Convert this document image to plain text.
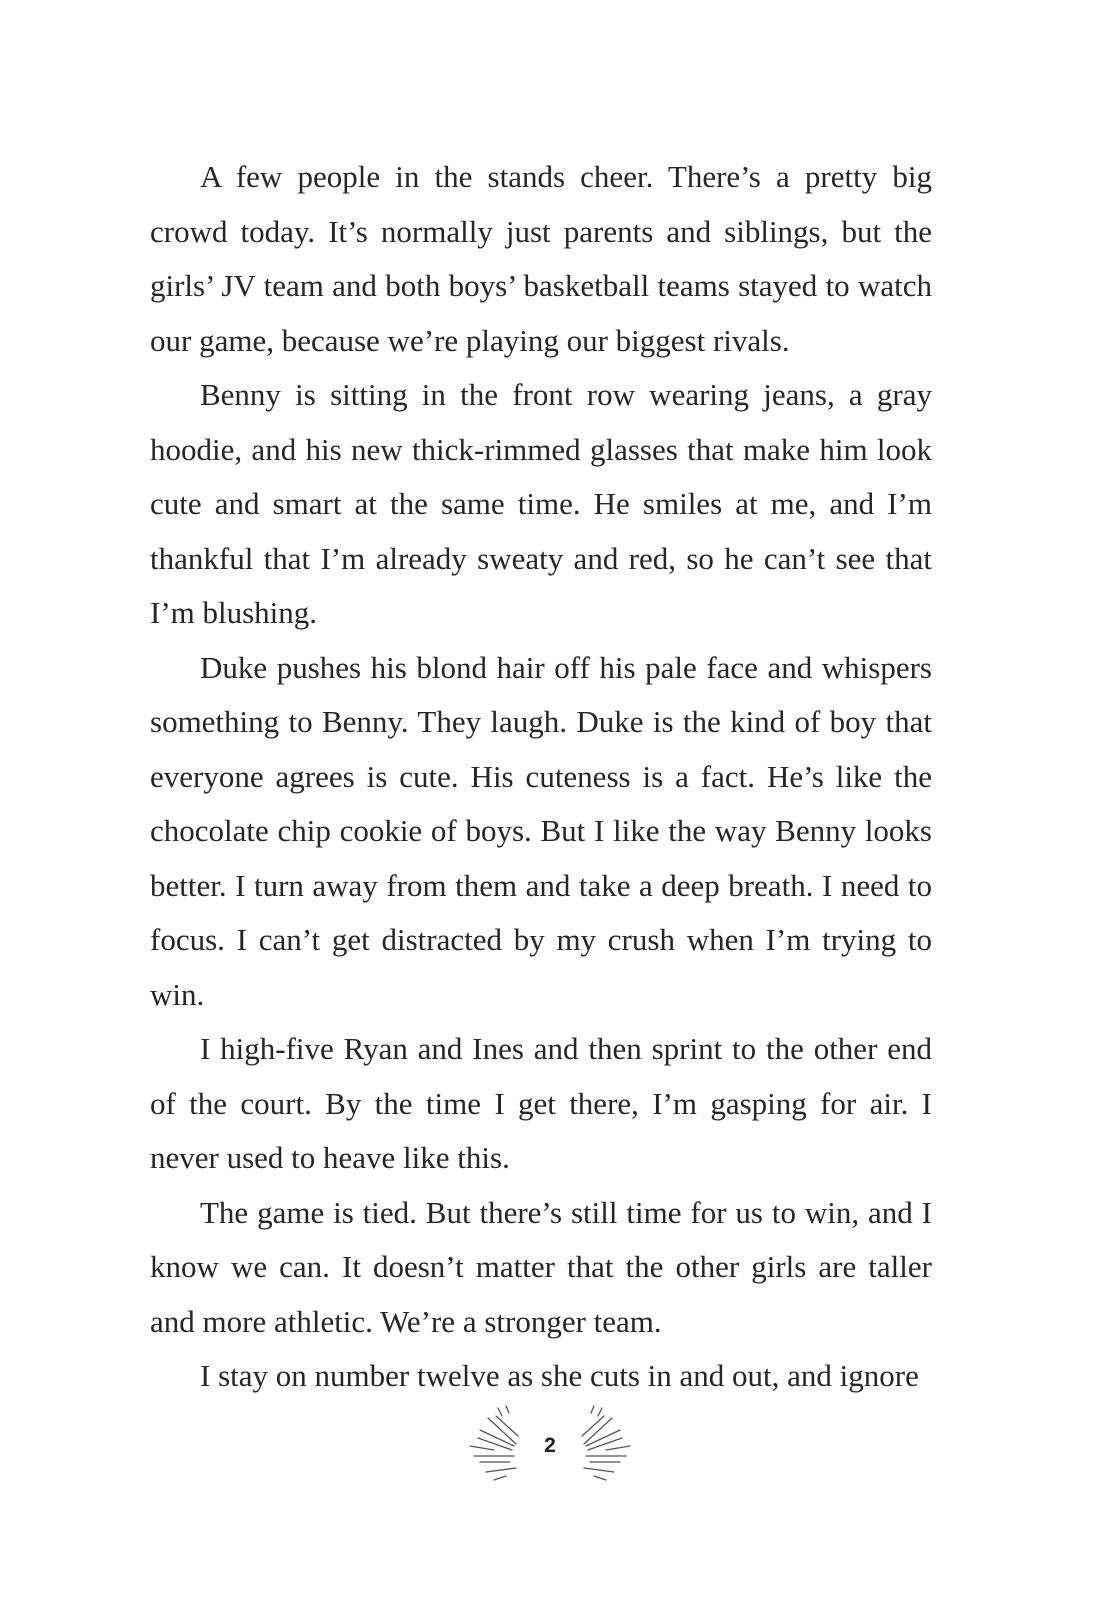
A few people in the stands cheer. There’s a pretty big crowd today. It’s normally just parents and siblings, but the girls’ JV team and both boys’ basketball teams stayed to watch our game, because we’re playing our biggest rivals.

Benny is sitting in the front row wearing jeans, a gray hoodie, and his new thick-rimmed glasses that make him look cute and smart at the same time. He smiles at me, and I’m thankful that I’m already sweaty and red, so he can’t see that I’m blushing.

Duke pushes his blond hair off his pale face and whispers something to Benny. They laugh. Duke is the kind of boy that everyone agrees is cute. His cuteness is a fact. He’s like the chocolate chip cookie of boys. But I like the way Benny looks better. I turn away from them and take a deep breath. I need to focus. I can’t get distracted by my crush when I’m trying to win.

I high-five Ryan and Ines and then sprint to the other end of the court. By the time I get there, I’m gasping for air. I never used to heave like this.

The game is tied. But there’s still time for us to win, and I know we can. It doesn’t matter that the other girls are taller and more athletic. We’re a stronger team.

I stay on number twelve as she cuts in and out, and ignore

2
